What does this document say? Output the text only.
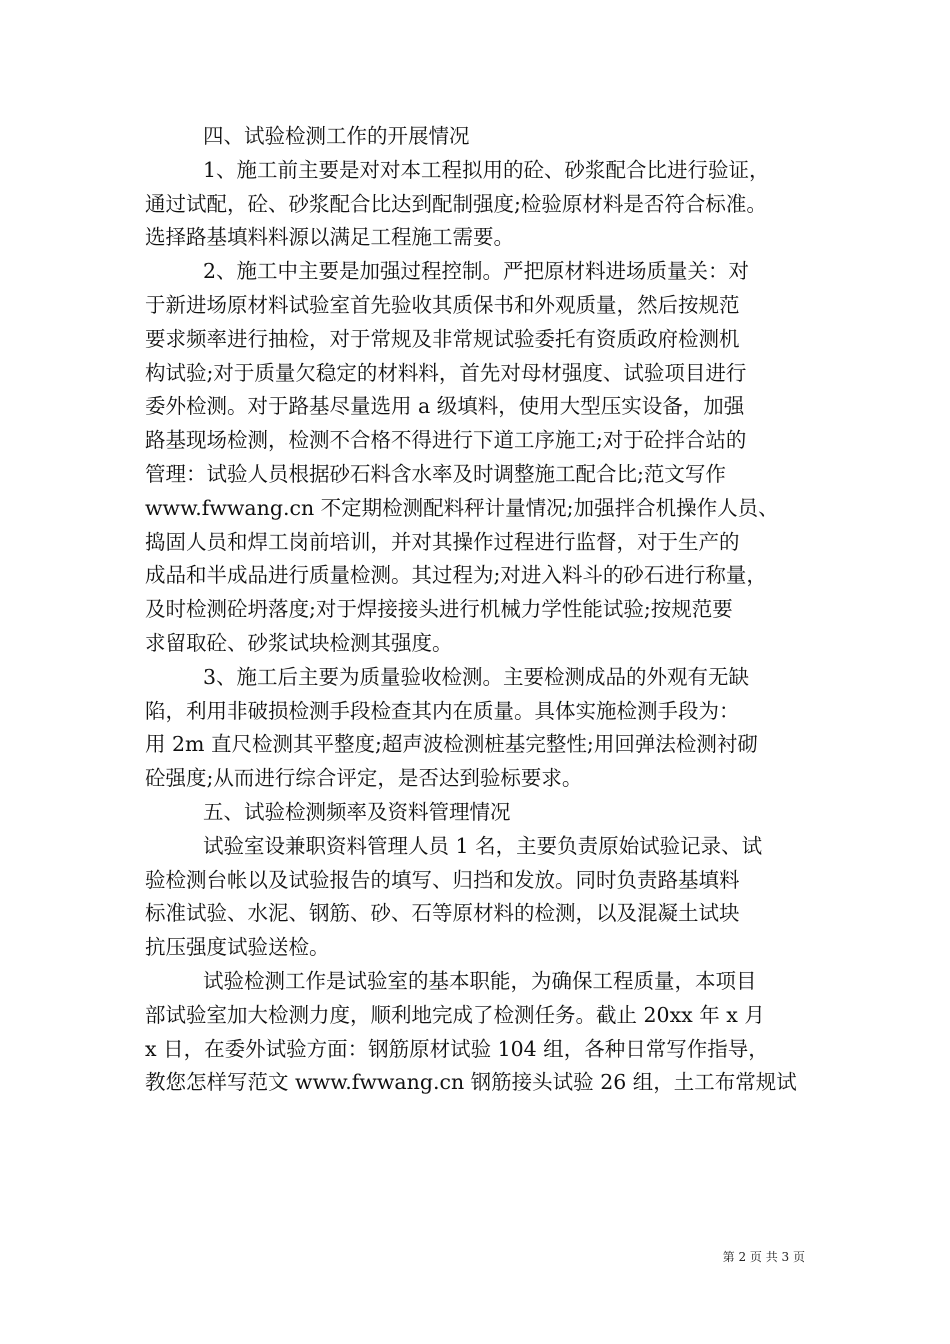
四、试验检测工作的开展情况
1、施工前主要是对对本工程拟用的砼、砂浆配合比进行验证，
通过试配，砼、砂浆配合比达到配制强度;检验原材料是否符合标准。
选择路基填料料源以满足工程施工需要。
2、施工中主要是加强过程控制。严把原材料进场质量关：对
于新进场原材料试验室首先验收其质保书和外观质量，然后按规范
要求频率进行抽检，对于常规及非常规试验委托有资质政府检测机
构试验;对于质量欠稳定的材料料，首先对母材强度、试验项目进行
委外检测。对于路基尽量选用 a 级填料，使用大型压实设备，加强
路基现场检测，检测不合格不得进行下道工序施工;对于砼拌合站的
管理：试验人员根据砂石料含水率及时调整施工配合比;范文写作
www.fwwang.cn 不定期检测配料秤计量情况;加强拌合机操作人员、
捣固人员和焊工岗前培训，并对其操作过程进行监督，对于生产的
成品和半成品进行质量检测。其过程为;对进入料斗的砂石进行称量，
及时检测砼坍落度;对于焊接接头进行机械力学性能试验;按规范要
求留取砼、砂浆试块检测其强度。
3、施工后主要为质量验收检测。主要检测成品的外观有无缺
陷，利用非破损检测手段检查其内在质量。具体实施检测手段为：
用 2m 直尺检测其平整度;超声波检测桩基完整性;用回弹法检测衬砌
砼强度;从而进行综合评定，是否达到验标要求。
五、试验检测频率及资料管理情况
试验室设兼职资料管理人员 1 名，主要负责原始试验记录、试
验检测台帐以及试验报告的填写、归挡和发放。同时负责路基填料
标准试验、水泥、钢筋、砂、石等原材料的检测，以及混凝土试块
抗压强度试验送检。
试验检测工作是试验室的基本职能，为确保工程质量，本项目
部试验室加大检测力度，顺利地完成了检测任务。截止 20xx 年 x 月
x 日，在委外试验方面：钢筋原材试验 104 组，各种日常写作指导，
教您怎样写范文 www.fwwang.cn 钢筋接头试验 26 组，土工布常规试
第 2 页 共 3 页
